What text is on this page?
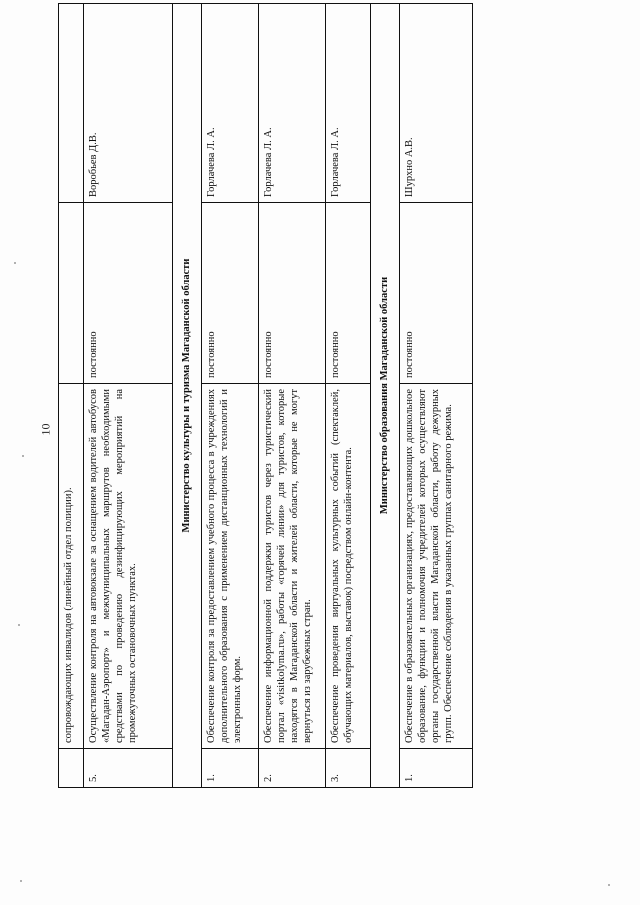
10
	сопровождающих инвалидов (линейный отдел полиции).		
5.	Осуществление контроля на автовокзале за оснащением водителей автобусов «Магадан-Аэропорт» и межмуниципальных маршрутов необходимыми средствами по проведению дезинфицирующих мероприятий на промежуточных остановочных пунктах.	постоянно	Воробьев Д.В.
Министерство культуры и туризма Магаданской области			
1.	Обеспечение контроля за предоставлением учебного процесса в учреждениях дополнительного образования с применением дистанционных технологий и электронных форм.	постоянно	Горлачева Л. А.
2.	Обеспечение информационной поддержки туристов через туристический портал «visitkolyma.ru», работы «горячей линии» для туристов, которые находятся в Магаданской области и жителей области, которые не могут вернуться из зарубежных стран.	постоянно	Горлачева Л. А.
3.	Обеспечение проведения виртуальных культурных событий (спектаклей, обучающих материалов, выставок) посредством онлайн-контента.	постоянно	Горлачева Л. А.
Министерство образования Магаданской области			
1.	Обеспечение в образовательных организациях, предоставляющих дошкольное образование, функции и полномочия учредителей которых осуществляют органы государственной власти Магаданской области, работу дежурных групп. Обеспечение соблюдения в указанных группах санитарного режима.	постоянно	Шурхно А.В.
